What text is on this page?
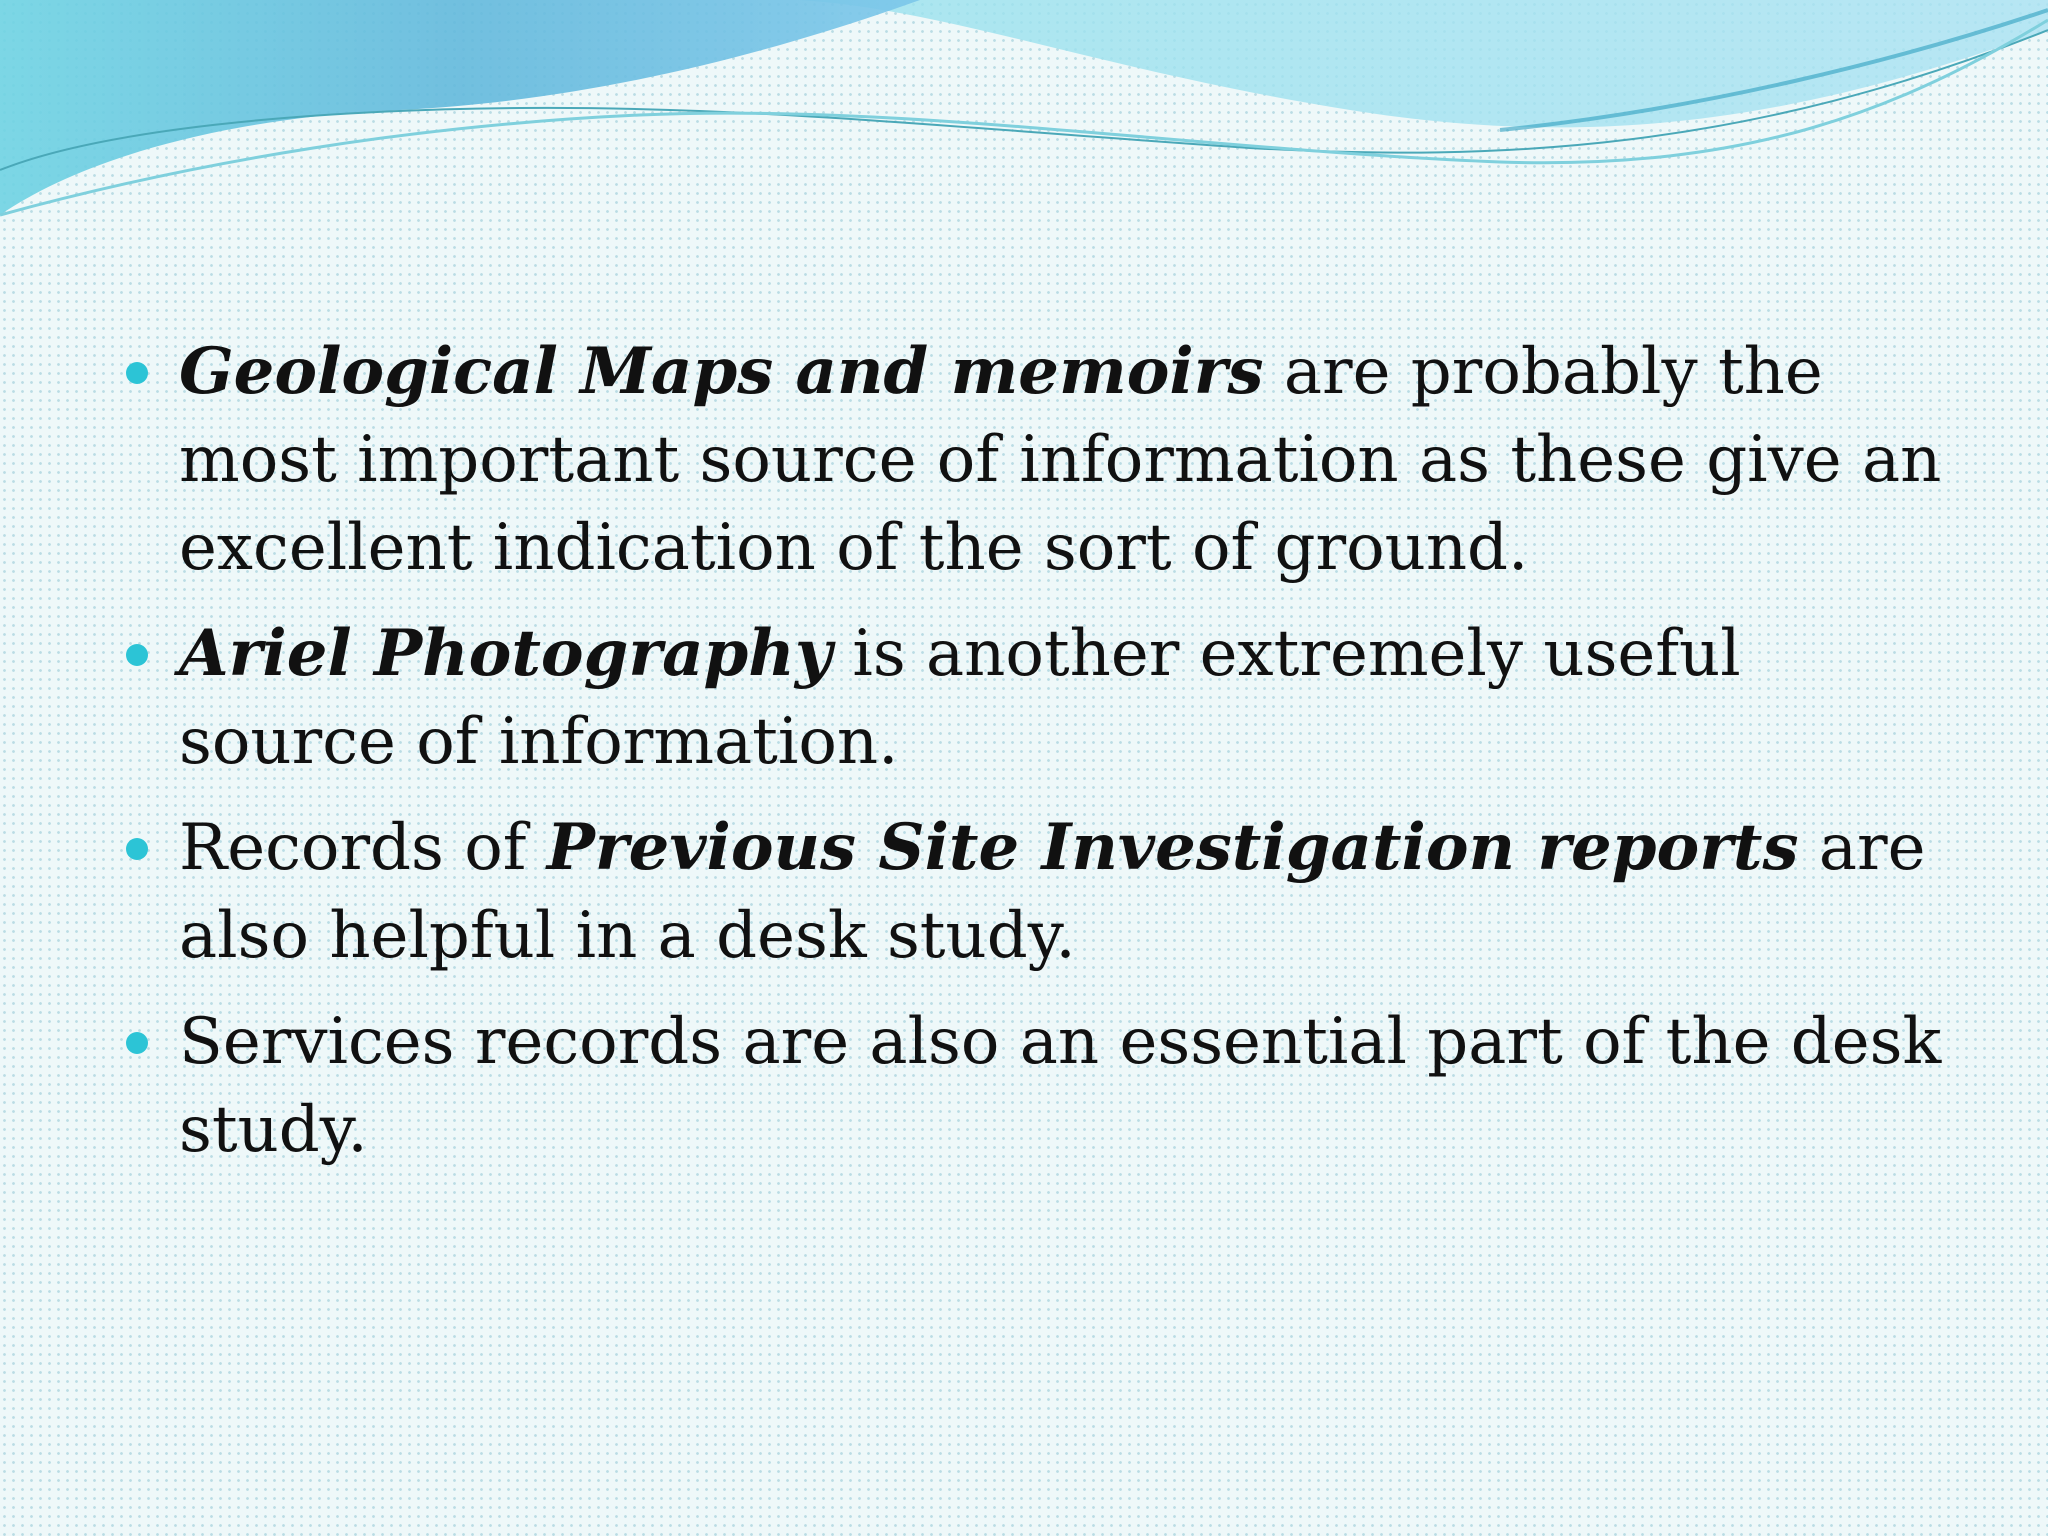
Geological Maps and memoirs are probably the most important source of information as these give an excellent indication of the sort of ground.
Ariel Photography is another extremely useful source of information.
Records of Previous Site Investigation reports are also helpful in a desk study.
Services records are also an essential part of the desk study.
